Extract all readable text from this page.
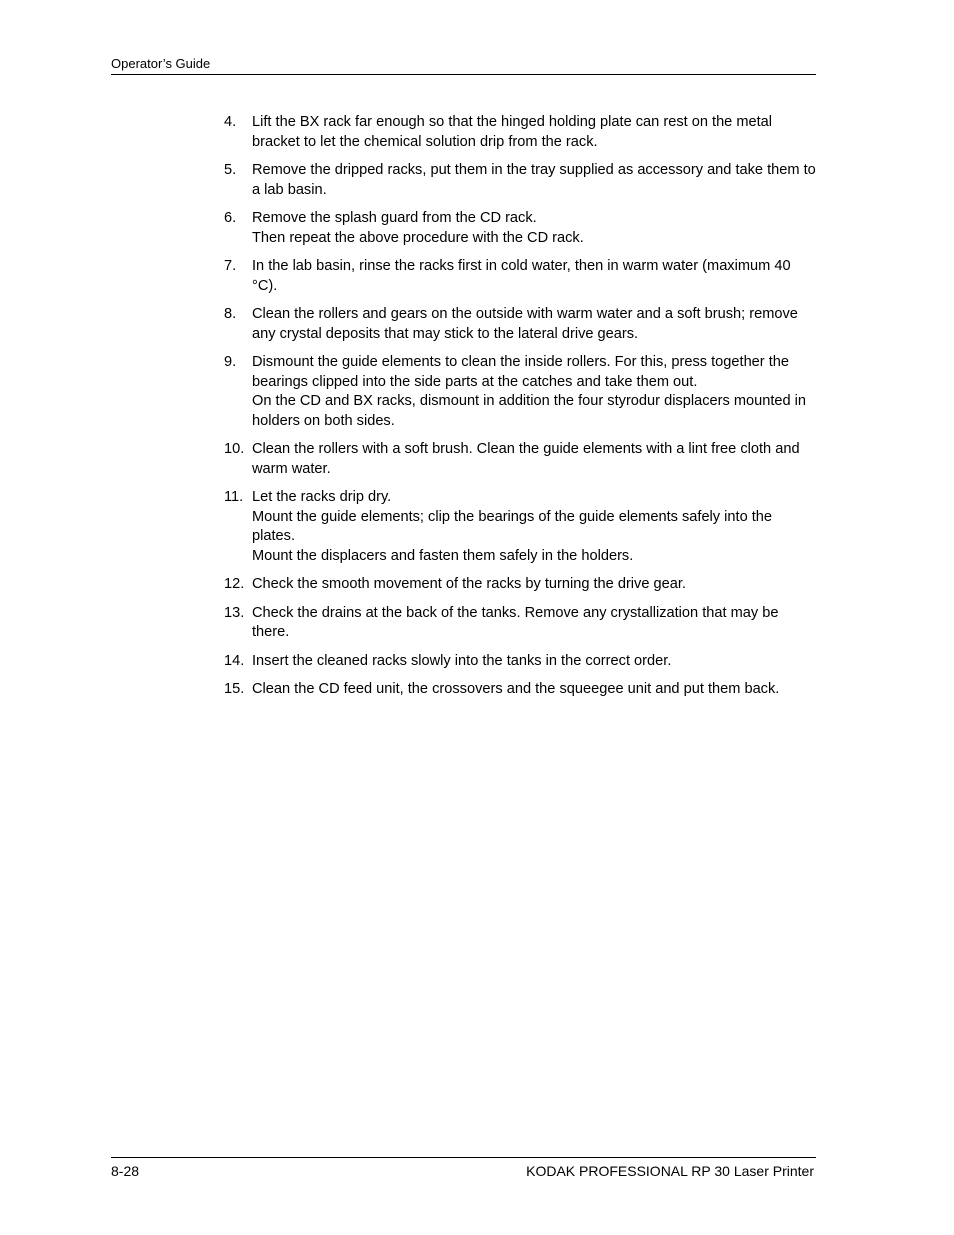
Operator’s Guide
4. Lift the BX rack far enough so that the hinged holding plate can rest on the metal bracket to let the chemical solution drip from the rack.
5. Remove the dripped racks, put them in the tray supplied as accessory and take them to a lab basin.
6. Remove the splash guard from the CD rack.
Then repeat the above procedure with the CD rack.
7. In the lab basin, rinse the racks first in cold water, then in warm water (maximum 40 °C).
8. Clean the rollers and gears on the outside with warm water and a soft brush; remove any crystal deposits that may stick to the lateral drive gears.
9. Dismount the guide elements to clean the inside rollers. For this, press together the bearings clipped into the side parts at the catches and take them out.
On the CD and BX racks, dismount in addition the four styrodur displacers mounted in holders on both sides.
10. Clean the rollers with a soft brush. Clean the guide elements with a lint free cloth and warm water.
11. Let the racks drip dry.
Mount the guide elements; clip the bearings of the guide elements safely into the plates.
Mount the displacers and fasten them safely in the holders.
12. Check the smooth movement of the racks by turning the drive gear.
13. Check the drains at the back of the tanks. Remove any crystallization that may be there.
14. Insert the cleaned racks slowly into the tanks in the correct order.
15. Clean the CD feed unit, the crossovers and the squeegee unit and put them back.
8-28	KODAK PROFESSIONAL RP 30 Laser Printer
